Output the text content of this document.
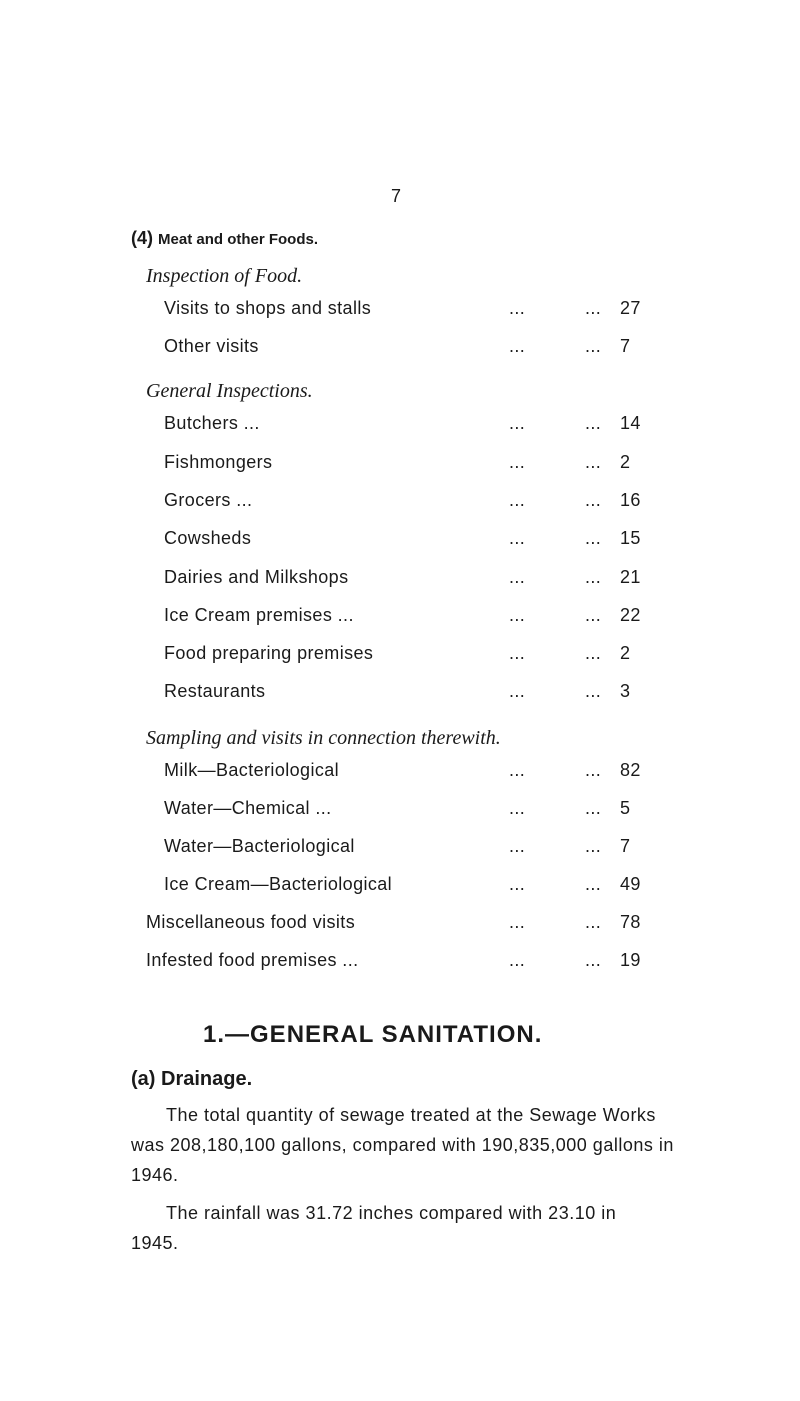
7
(4) Meat and other Foods.
Inspection of Food.
Visits to shops and stalls	...	... 27
Other visits	...	... 7
General Inspections.
Butchers ...	...	... 14
Fishmongers	...	... 2
Grocers ...	...	... 16
Cowsheds	...	... 15
Dairies and Milkshops	...	... 21
Ice Cream premises ...	...	... 22
Food preparing premises	...	... 2
Restaurants	...	... 3
Sampling and visits in connection therewith.
Milk—Bacteriological	...	... 82
Water—Chemical ...	...	... 5
Water—Bacteriological	...	... 7
Ice Cream—Bacteriological	...	... 49
Miscellaneous food visits	...	... 78
Infested food premises ...	...	... 19
1.—GENERAL SANITATION.
(a) Drainage.
The total quantity of sewage treated at the Sewage Works
was 208,180,100 gallons, compared with 190,835,000 gallons in
1946.
The rainfall was 31.72 inches compared with 23.10 in
1945.
